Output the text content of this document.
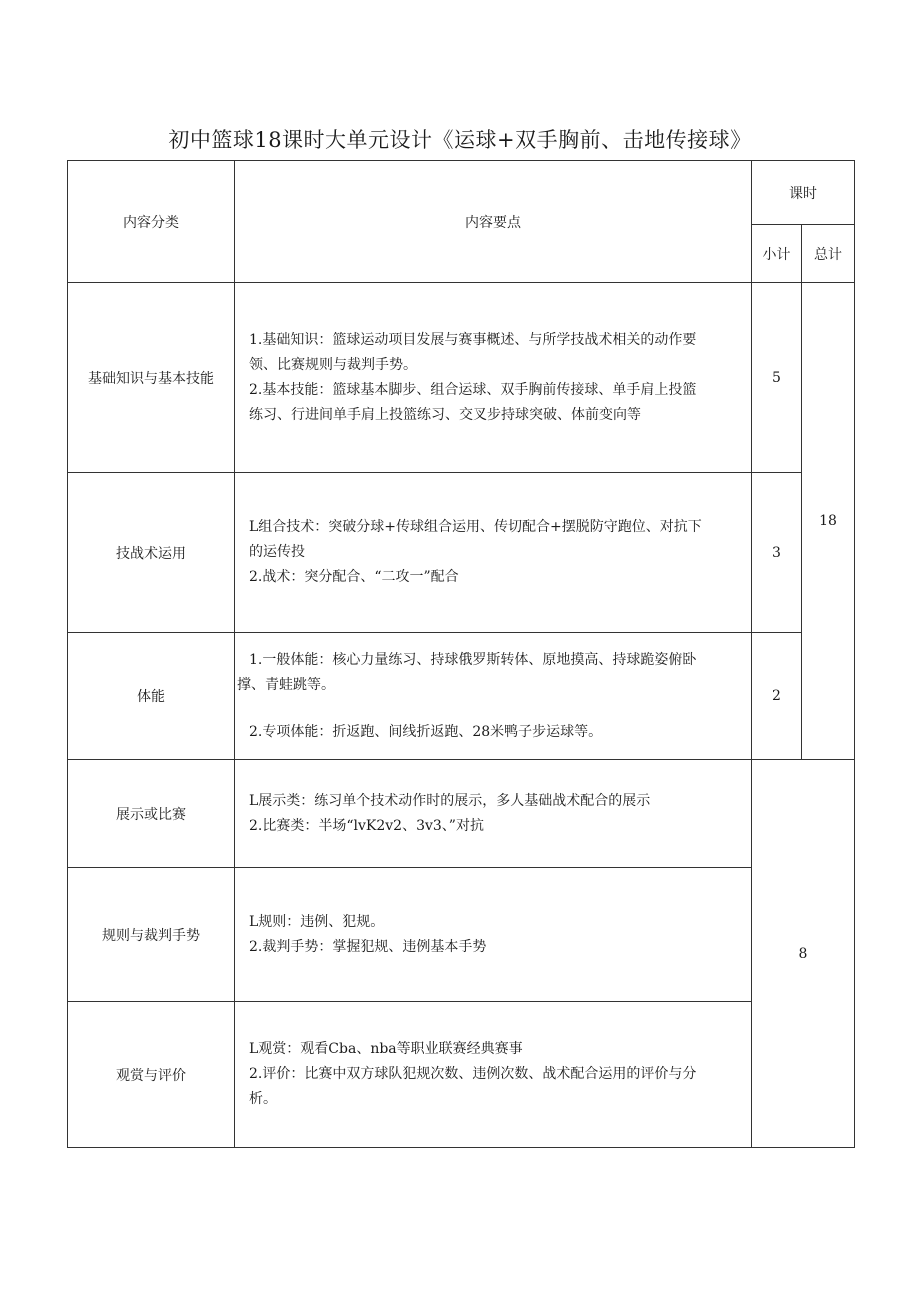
初中篮球18课时大单元设计《运球+双手胸前、击地传接球》
内容分类	内容要点	课时	
		小计	总计
基础知识与基本技能	1.基础知识：篮球运动项目发展与赛事概述、与所学技战术相关的动作要
领、比赛规则与裁判手势。
2.基本技能：篮球基本脚步、组合运球、双手胸前传接球、单手肩上投篮
练习、行进间单手肩上投篮练习、交叉步持球突破、体前变向等	5	18
技战术运用	L组合技术：突破分球+传球组合运用、传切配合+摆脱防守跑位、对抗下
的运传投
2.战术：突分配合、“二攻一”配合	3	
体能	1.一般体能：核心力量练习、持球俄罗斯转体、原地摸高、持球跪姿俯卧
撑、青蛙跳等。
2.专项体能：折返跑、间线折返跑、28米鸭子步运球等。	2	
展示或比赛	L展示类：练习单个技术动作时的展示，多人基础战术配合的展示
2.比赛类：半场“lvK2v2、3v3、”对抗	8	
规则与裁判手势	L规则：违例、犯规。
2.裁判手势：掌握犯规、违例基本手势		

观赏与评价	L观赏：观看Cba、nba等职业联赛经典赛事
2.评价：比赛中双方球队犯规次数、违例次数、战术配合运用的评价与分
析。		
